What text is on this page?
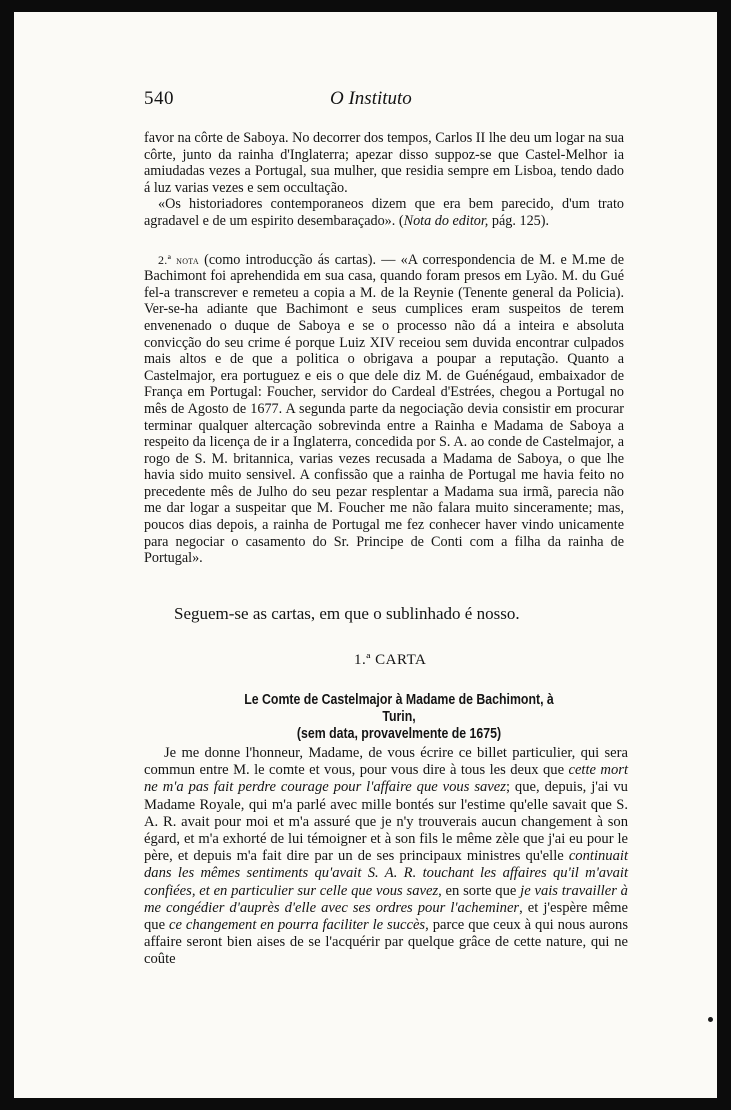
540	O Instituto

favor na côrte de Saboya. No decorrer dos tempos, Carlos II lhe deu um logar na sua côrte, junto da rainha d'Inglaterra; apezar disso suppoz-se que Castel-Melhor ia amiudadas vezes a Portugal, sua mulher, que residia sempre em Lisboa, tendo dado á luz varias vezes e sem occultação.

«Os historiadores contemporaneos dizem que era bem parecido, d'um trato agradavel e de um espirito desembaraçado». (Nota do editor, pág. 125).

2.ª nota (como introducção ás cartas). — «A correspondencia de M. e M.me de Bachimont foi aprehendida em sua casa, quando foram presos em Lyão. M. du Gué fel-a transcrever e remeteu a copia a M. de la Reynie (Tenente general da Policia). Ver-se-ha adiante que Bachimont e seus cumplices eram suspeitos de terem envenenado o duque de Saboya e se o processo não dá a inteira e absoluta convicção do seu crime é porque Luiz XIV receiou sem duvida encontrar culpados mais altos e de que a politica o obrigava a poupar a reputação. Quanto a Castelmajor, era portuguez e eis o que dele diz M. de Guénégaud, embaixador de França em Portugal: Foucher, servidor do Cardeal d'Estrées, chegou a Portugal no mês de Agosto de 1677. A segunda parte da negociação devia consistir em procurar terminar qualquer altercação sobrevinda entre a Rainha e Madama de Saboya a respeito da licença de ir a Inglaterra, concedida por S. A. ao conde de Castelmajor, a rogo de S. M. britannica, varias vezes recusada a Madama de Saboya, o que lhe havia sido muito sensivel. A confissão que a rainha de Portugal me havia feito no precedente mês de Julho do seu pezar resplentar a Madama sua irmã, parecia não me dar logar a suspeitar que M. Foucher me não falara muito sinceramente; mas, poucos dias depois, a rainha de Portugal me fez conhecer haver vindo unicamente para negociar o casamento do Sr. Principe de Conti com a filha da rainha de Portugal».

Seguem-se as cartas, em que o sublinhado é nosso.
1.ª CARTA
Le Comte de Castelmajor à Madame de Bachimont, à Turin,
(sem data, provavelmente de 1675)

Je me donne l'honneur, Madame, de vous écrire ce billet particulier, qui sera commun entre M. le comte et vous, pour vous dire à tous les deux que cette mort ne m'a pas fait perdre courage pour l'affaire que vous savez; que, depuis, j'ai vu Madame Royale, qui m'a parlé avec mille bontés sur l'estime qu'elle savait que S. A. R. avait pour moi et m'a assuré que je n'y trouverais aucun changement à son égard, et m'a exhorté de lui témoigner et à son fils le même zèle que j'ai eu pour le père, et depuis m'a fait dire par un de ses principaux ministres qu'elle continuait dans les mêmes sentiments qu'avait S. A. R. touchant les affaires qu'il m'avait confiées, et en particulier sur celle que vous savez, en sorte que je vais travailler à me congédier d'auprès d'elle avec ses ordres pour l'acheminer, et j'espère même que ce changement en pourra faciliter le succès, parce que ceux à qui nous aurons affaire seront bien aises de se l'acquérir par quelque grâce de cette nature, qui ne coûte
